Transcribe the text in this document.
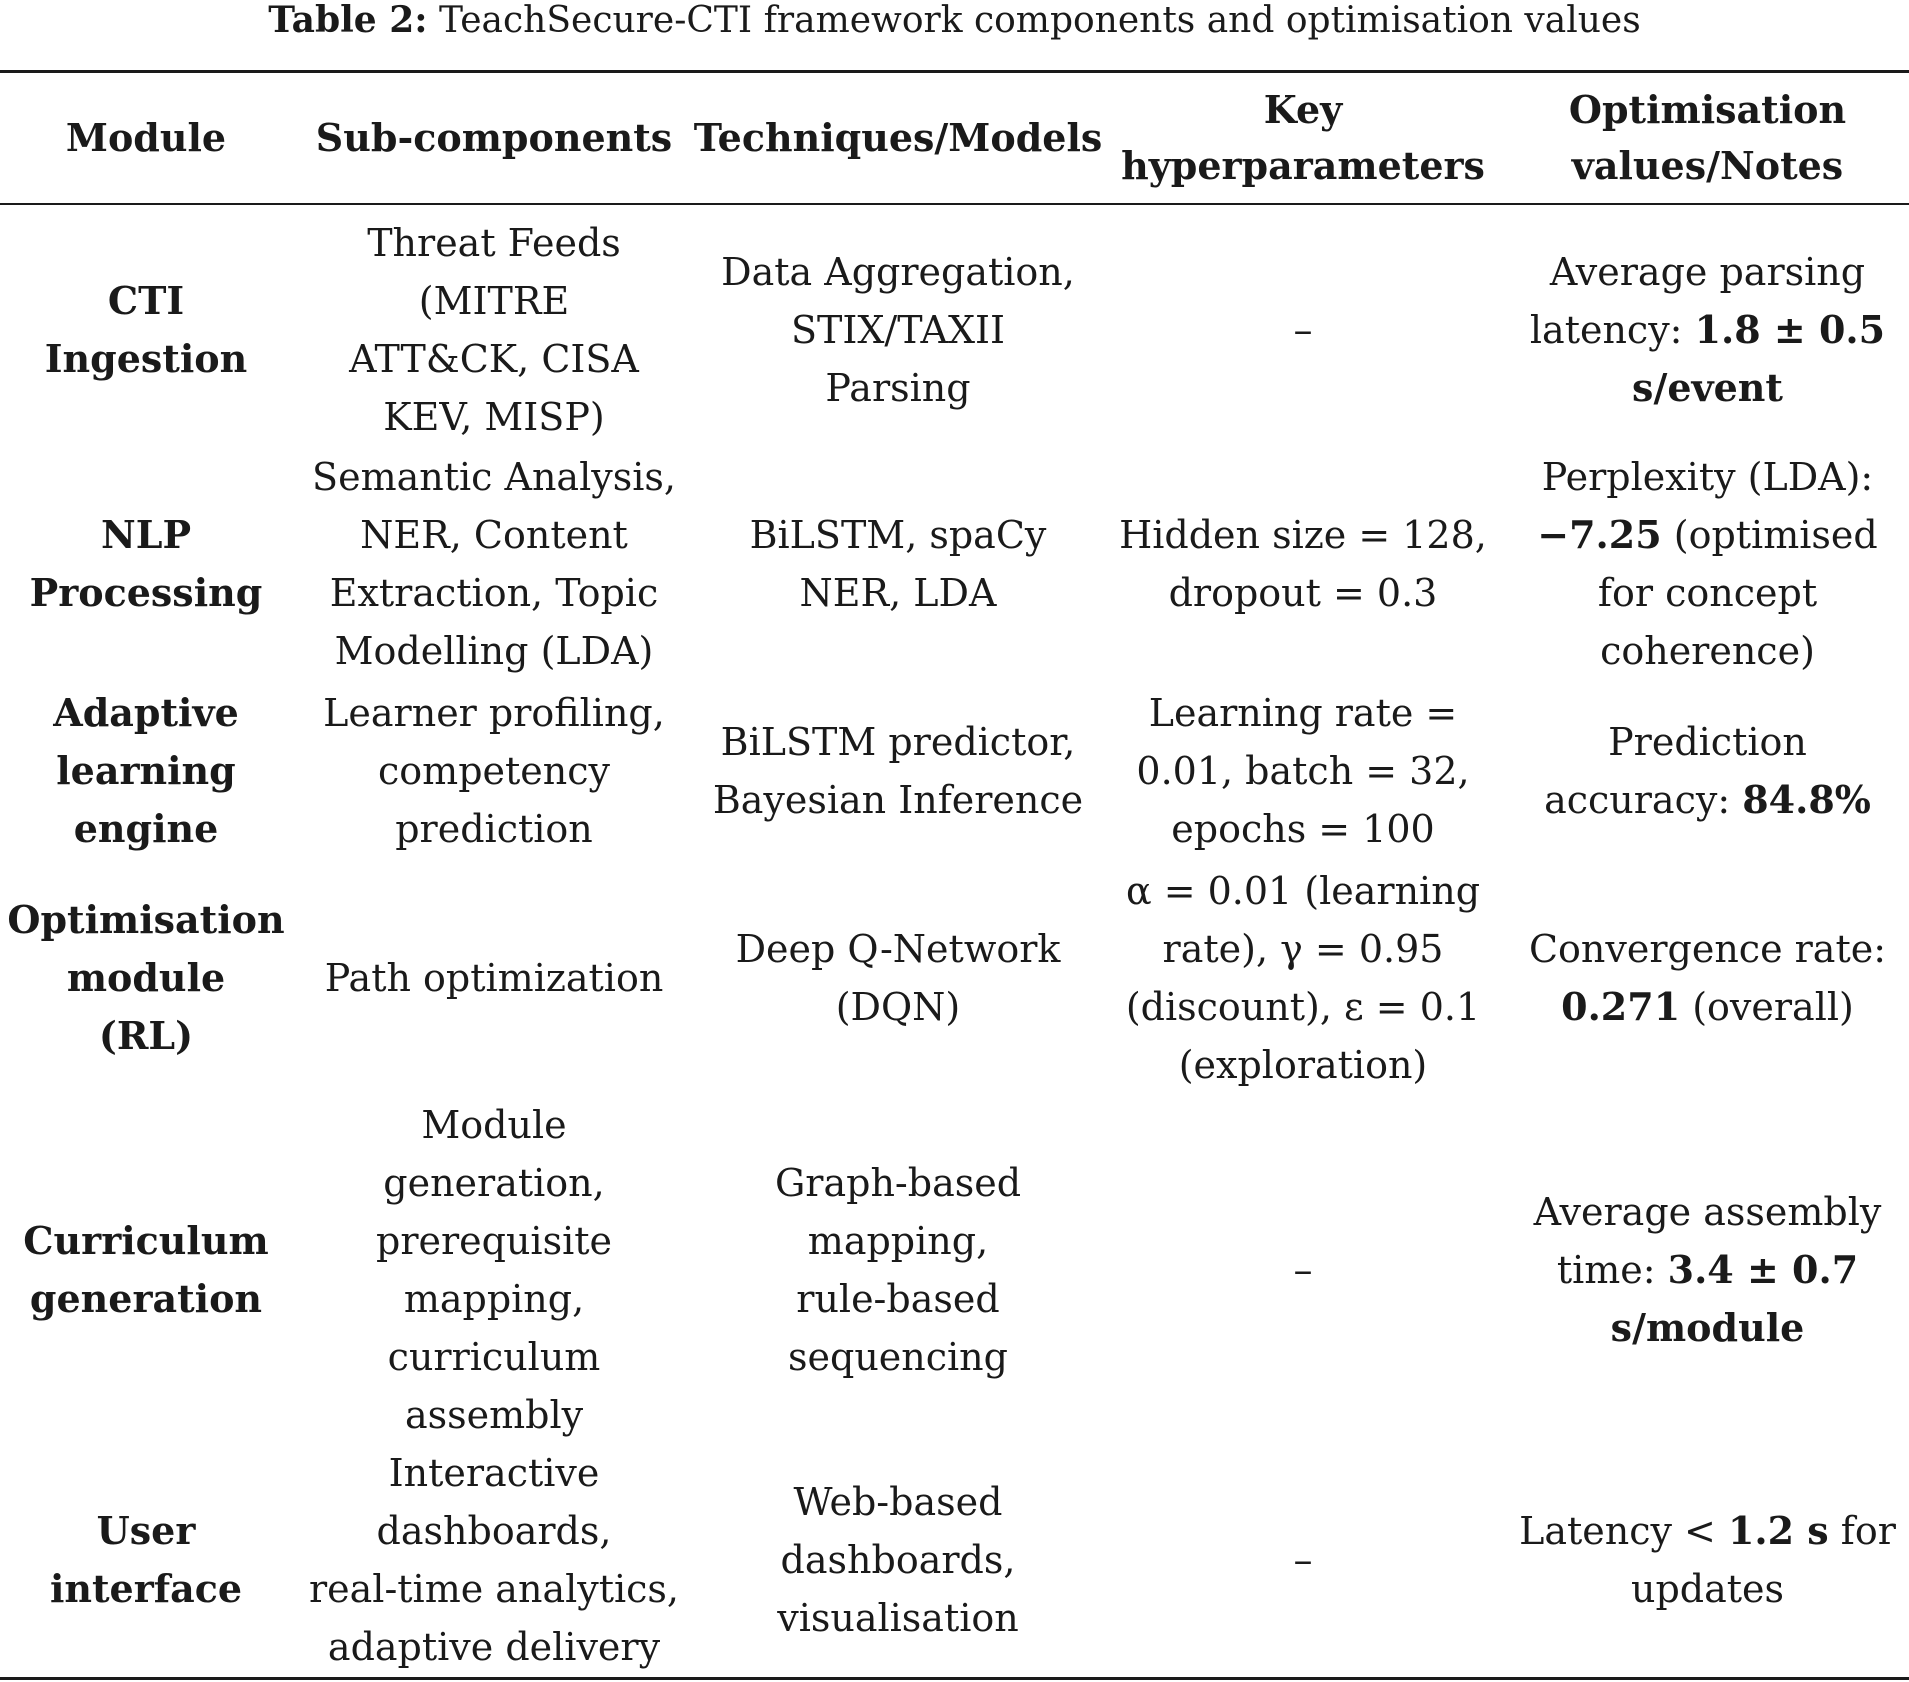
Table 2: TeachSecure-CTI framework components and optimisation values
Module Sub-components Techniques/Models
Key
hyperparameters
Optimisation
values/Notes
CTI
Ingestion
Threat Feeds
(MITRE
ATT&CK, CISA
KEV, MISP)
Data Aggregation,
STIX/TAXII
Parsing
–
Average parsing
latency: 1.8 ± 0.5
s/event
NLP
Processing
Semantic Analysis,
NER, Content
Extraction, Topic
Modelling (LDA)
BiLSTM, spaCy
NER, LDA
Hidden size = 128,
dropout = 0.3
Perplexity (LDA):
−7.25 (optimised
for concept
coherence)
Adaptive
learning
engine
Learner profiling,
competency
prediction
BiLSTM predictor,
Bayesian Inference
Learning rate =
0.01, batch = 32,
epochs = 100
Prediction
accuracy: 84.8%
Optimisation
module
(RL)
Path optimization
Deep Q-Network
(DQN)
α = 0.01 (learning
rate), γ = 0.95
(discount), ε = 0.1
(exploration)
Convergence rate:
0.271 (overall)
Curriculum
generation
Module
generation,
prerequisite
mapping,
curriculum
assembly
Graph-based
mapping,
rule-based
sequencing
–
Average assembly
time: 3.4 ± 0.7
s/module
User
interface
Interactive
dashboards,
real-time analytics,
adaptive delivery
Web-based
dashboards,
visualisation
–
Latency < 1.2 s for
updates
